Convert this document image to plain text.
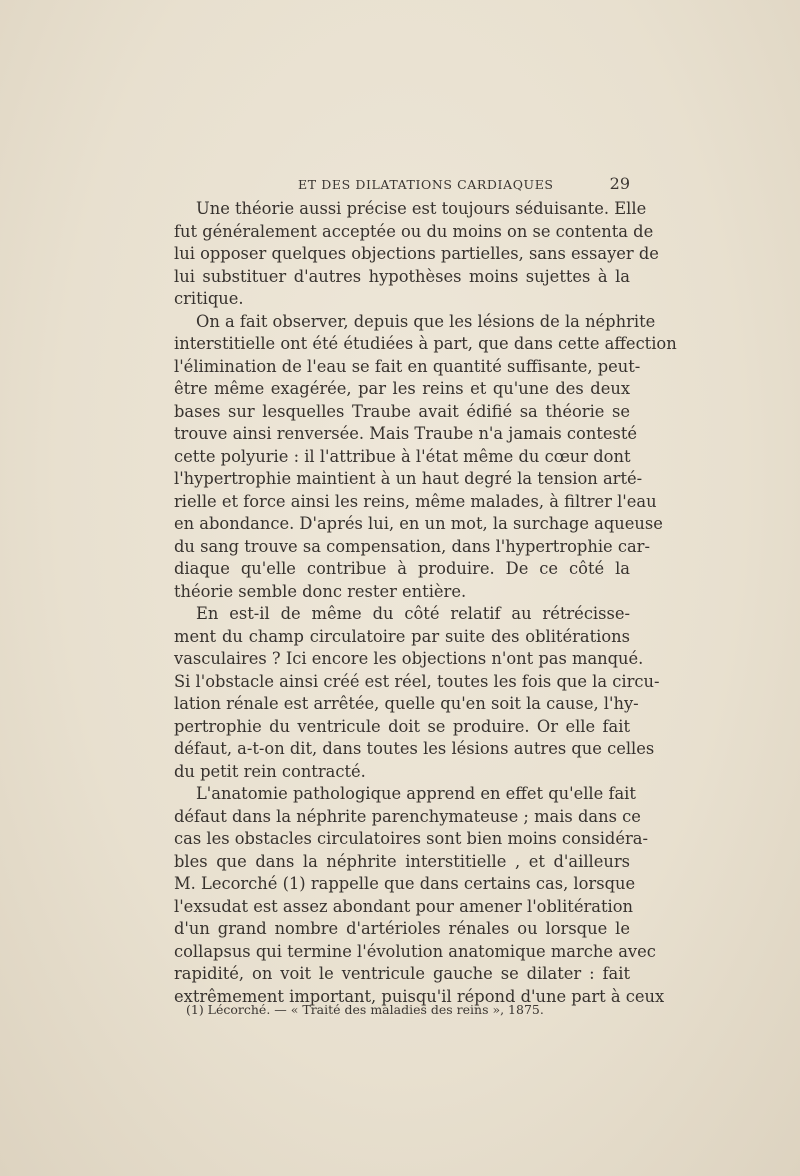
ET DES DILATATIONS CARDIAQUES	29
Une théorie aussi précise est toujours séduisante. Elle
fut généralement acceptée ou du moins on se contenta de
lui opposer quelques objections partielles, sans essayer de
lui substituer d'autres hypothèses moins sujettes à la
critique.
On a fait observer, depuis que les lésions de la néphrite
interstitielle ont été étudiées à part, que dans cette affection
l'élimination de l'eau se fait en quantité suffisante, peut-
être même exagérée, par les reins et qu'une des deux
bases sur lesquelles Traube avait édifié sa théorie se
trouve ainsi renversée. Mais Traube n'a jamais contesté
cette polyurie : il l'attribue à l'état même du cœur dont
l'hypertrophie maintient à un haut degré la tension arté-
rielle et force ainsi les reins, même malades, à filtrer l'eau
en abondance. D'aprés lui, en un mot, la surchage aqueuse
du sang trouve sa compensation, dans l'hypertrophie car-
diaque qu'elle contribue à produire. De ce côté la
théorie semble donc rester entière.
En est-il de même du côté relatif au rétrécisse-
ment du champ circulatoire par suite des oblitérations
vasculaires ? Ici encore les objections n'ont pas manqué.
Si l'obstacle ainsi créé est réel, toutes les fois que la circu-
lation rénale est arrêtée, quelle qu'en soit la cause, l'hy-
pertrophie du ventricule doit se produire. Or elle fait
défaut, a-t-on dit, dans toutes les lésions autres que celles
du petit rein contracté.
L'anatomie pathologique apprend en effet qu'elle fait
défaut dans la néphrite parenchymateuse ; mais dans ce
cas les obstacles circulatoires sont bien moins considéra-
bles que dans la néphrite interstitielle , et d'ailleurs
M. Lecorché (1) rappelle que dans certains cas, lorsque
l'exsudat est assez abondant pour amener l'oblitération
d'un grand nombre d'artérioles rénales ou lorsque le
collapsus qui termine l'évolution anatomique marche avec
rapidité, on voit le ventricule gauche se dilater : fait
extrêmement important, puisqu'il répond d'une part à ceux
(1) Lécorché. — « Traité des maladies des reins », 1875.
